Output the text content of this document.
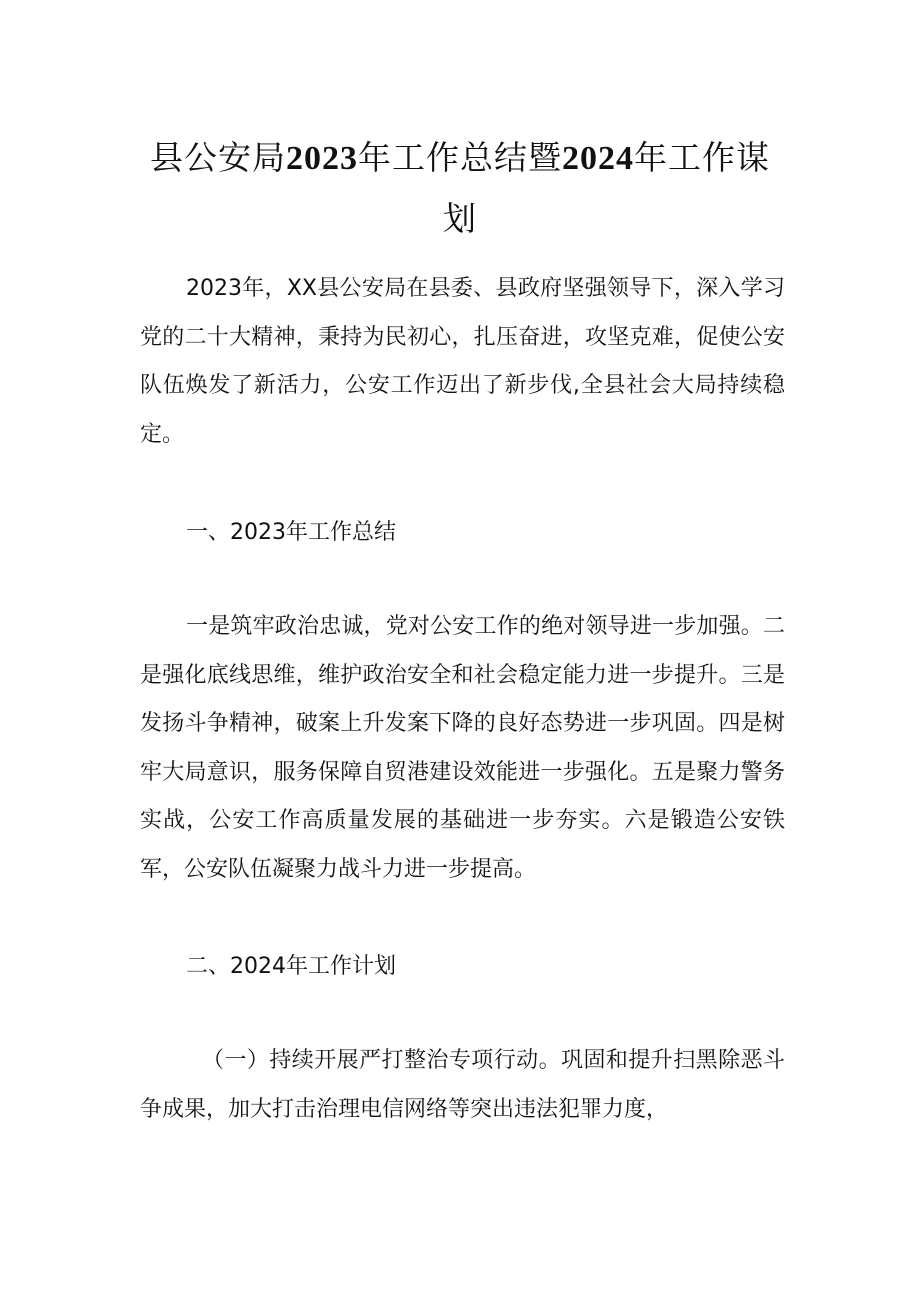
县公安局2023年工作总结暨2024年工作谋划

2023年，XX县公安局在县委、县政府坚强领导下，深入学习党的二十大精神，秉持为民初心，扎压奋进，攻坚克难，促使公安队伍焕发了新活力，公安工作迈出了新步伐,全县社会大局持续稳定。

一、2023年工作总结

一是筑牢政治忠诚，党对公安工作的绝对领导进一步加强。二是强化底线思维，维护政治安全和社会稳定能力进一步提升。三是发扬斗争精神，破案上升发案下降的良好态势进一步巩固。四是树牢大局意识，服务保障自贸港建设效能进一步强化。五是聚力警务实战，公安工作高质量发展的基础进一步夯实。六是锻造公安铁军，公安队伍凝聚力战斗力进一步提高。

二、2024年工作计划

（一）持续开展严打整治专项行动。巩固和提升扫黑除恶斗争成果，加大打击治理电信网络等突出违法犯罪力度，
